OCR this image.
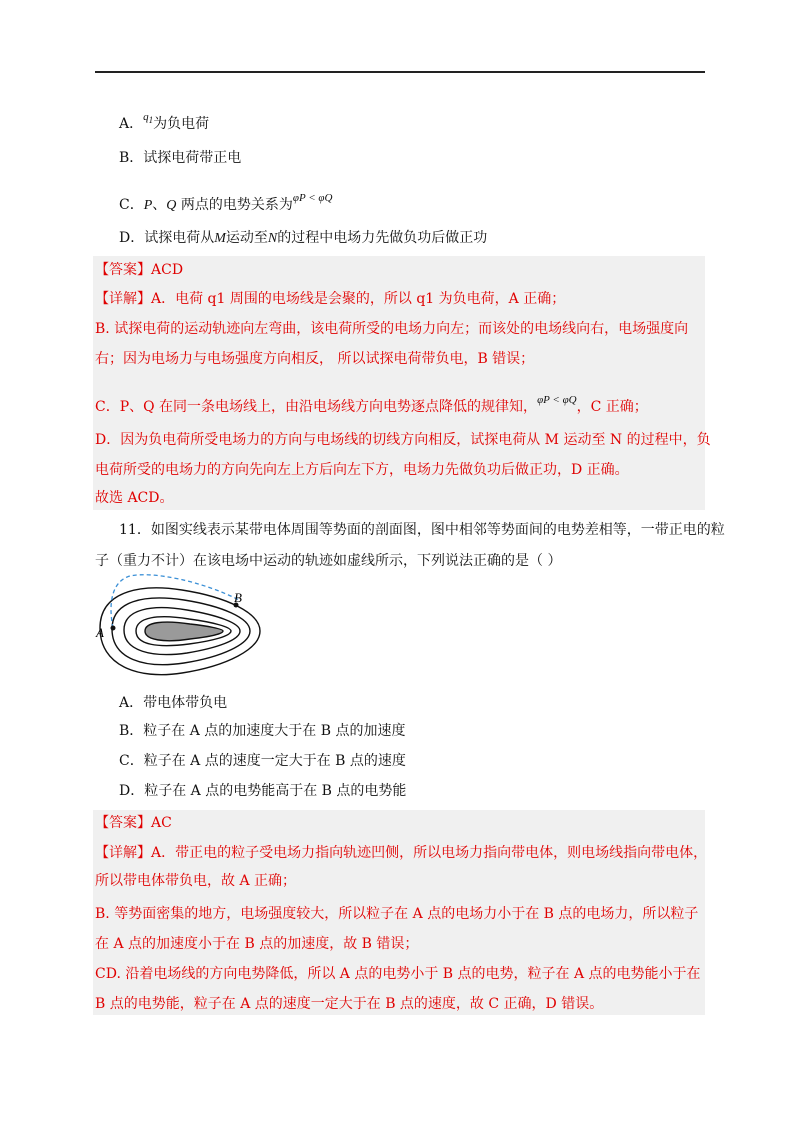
A．$^{q_1}$为负电荷
B．试探电荷带正电
C．P、Q 两点的电势关系为$^{\varphi P < \varphi Q}$
D．试探电荷从M运动至N的过程中电场力先做负功后做正功
【答案】ACD
【详解】A．电荷 q1 周围的电场线是会聚的，所以 q1 为负电荷，A 正确；
B. 试探电荷的运动轨迹向左弯曲，该电荷所受的电场力向左；而该处的电场线向右，电场强度向
右；因为电场力与电场强度方向相反， 所以试探电荷带负电，B 错误；
C．P、Q 在同一条电场线上，由沿电场线方向电势逐点降低的规律知，$^{\varphi P < \varphi Q}$，C 正确；
D．因为负电荷所受电场力的方向与电场线的切线方向相反，试探电荷从 M 运动至 N 的过程中，负
电荷所受的电场力的方向先向左上方后向左下方，电场力先做负功后做正功，D 正确。
故选 ACD。
11．如图实线表示某带电体周围等势面的剖面图，图中相邻等势面间的电势差相等，一带正电的粒
子（重力不计）在该电场中运动的轨迹如虚线所示，下列说法正确的是（ ）
A
B
A．带电体带负电
B．粒子在 A 点的加速度大于在 B 点的加速度
C．粒子在 A 点的速度一定大于在 B 点的速度
D．粒子在 A 点的电势能高于在 B 点的电势能
【答案】AC
【详解】A．带正电的粒子受电场力指向轨迹凹侧，所以电场力指向带电体，则电场线指向带电体，
所以带电体带负电，故 A 正确；
B. 等势面密集的地方，电场强度较大，所以粒子在 A 点的电场力小于在 B 点的电场力，所以粒子
在 A 点的加速度小于在 B 点的加速度，故 B 错误；
CD. 沿着电场线的方向电势降低，所以 A 点的电势小于 B 点的电势，粒子在 A 点的电势能小于在
B 点的电势能，粒子在 A 点的速度一定大于在 B 点的速度，故 C 正确，D 错误。
